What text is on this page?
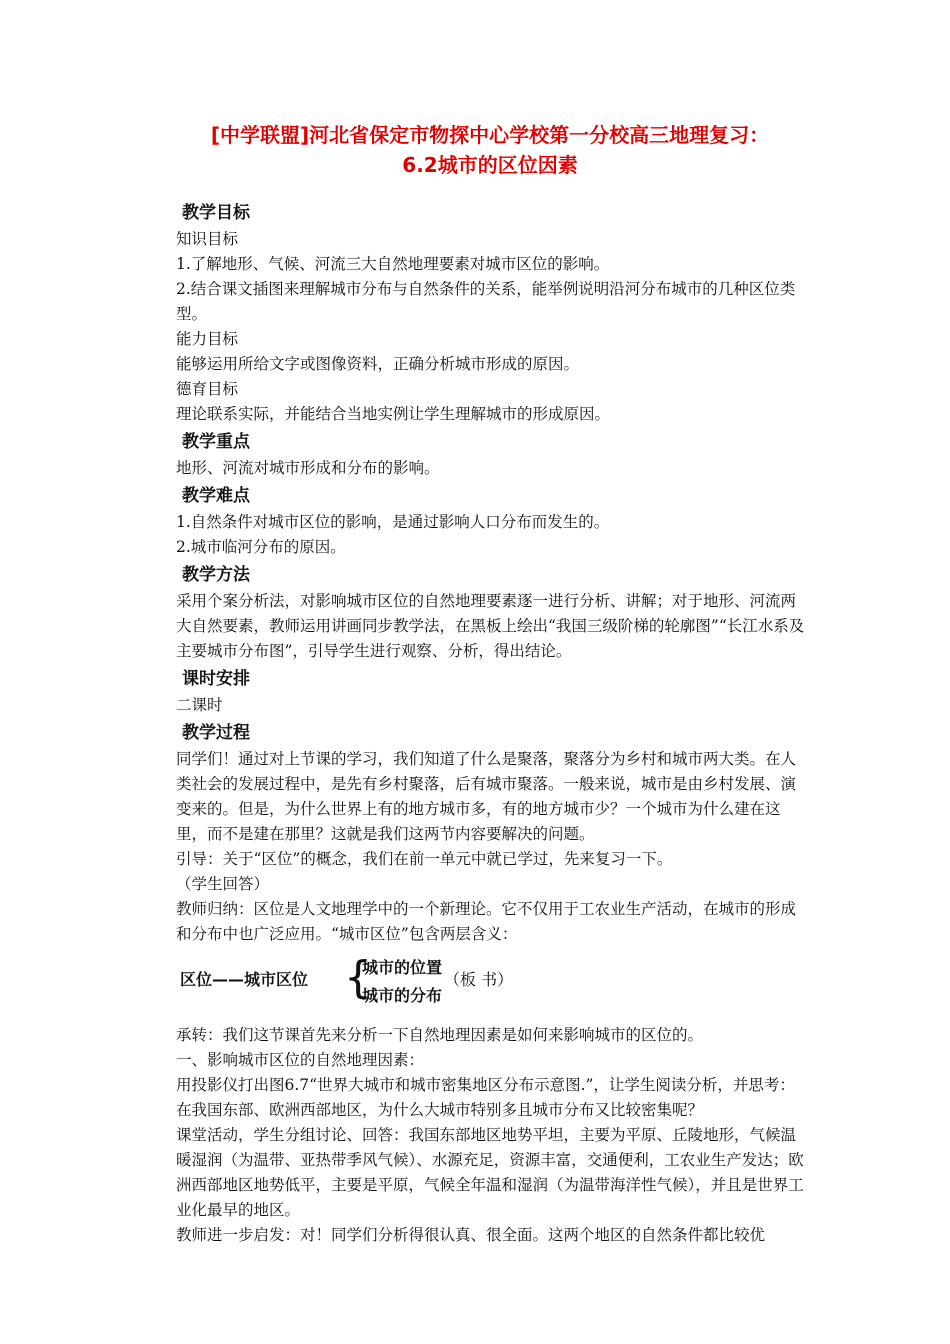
[中学联盟]河北省保定市物探中心学校第一分校高三地理复习：
6.2城市的区位因素
教学目标

知识目标

1.了解地形、气候、河流三大自然地理要素对城市区位的影响。

2.结合课文插图来理解城市分布与自然条件的关系，能举例说明沿河分布城市的几种区位类型。

能力目标

能够运用所给文字或图像资料，正确分析城市形成的原因。

德育目标

理论联系实际，并能结合当地实例让学生理解城市的形成原因。

教学重点

地形、河流对城市形成和分布的影响。

教学难点

1.自然条件对城市区位的影响，是通过影响人口分布而发生的。

2.城市临河分布的原因。

教学方法

采用个案分析法，对影响城市区位的自然地理要素逐一进行分析、讲解；对于地形、河流两大自然要素，教师运用讲画同步教学法，在黑板上绘出“我国三级阶梯的轮廓图”“长江水系及主要城市分布图”，引导学生进行观察、分析，得出结论。

课时安排

二课时

教学过程

同学们！通过对上节课的学习，我们知道了什么是聚落，聚落分为乡村和城市两大类。在人类社会的发展过程中，是先有乡村聚落，后有城市聚落。一般来说，城市是由乡村发展、演变来的。但是，为什么世界上有的地方城市多，有的地方城市少？一个城市为什么建在这里，而不是建在那里？这就是我们这两节内容要解决的问题。

引导：关于“区位”的概念，我们在前一单元中就已学过，先来复习一下。

（学生回答）

教师归纳：区位是人文地理学中的一个新理论。它不仅用于工农业生产活动，在城市的形成和分布中也广泛应用。“城市区位”包含两层含义：

区位——城市区位 {
城市的位置
城市的分布
（板 书）

承转：我们这节课首先来分析一下自然地理因素是如何来影响城市的区位的。

一、影响城市区位的自然地理因素：

用投影仪打出图6.7“世界大城市和城市密集地区分布示意图.”，让学生阅读分析，并思考：在我国东部、欧洲西部地区，为什么大城市特别多且城市分布又比较密集呢？

课堂活动，学生分组讨论、回答：我国东部地区地势平坦，主要为平原、丘陵地形，气候温暖湿润（为温带、亚热带季风气候）、水源充足，资源丰富，交通便利，工农业生产发达；欧洲西部地区地势低平，主要是平原，气候全年温和湿润（为温带海洋性气候），并且是世界工业化最早的地区。

教师进一步启发：对！同学们分析得很认真、很全面。这两个地区的自然条件都比较优
